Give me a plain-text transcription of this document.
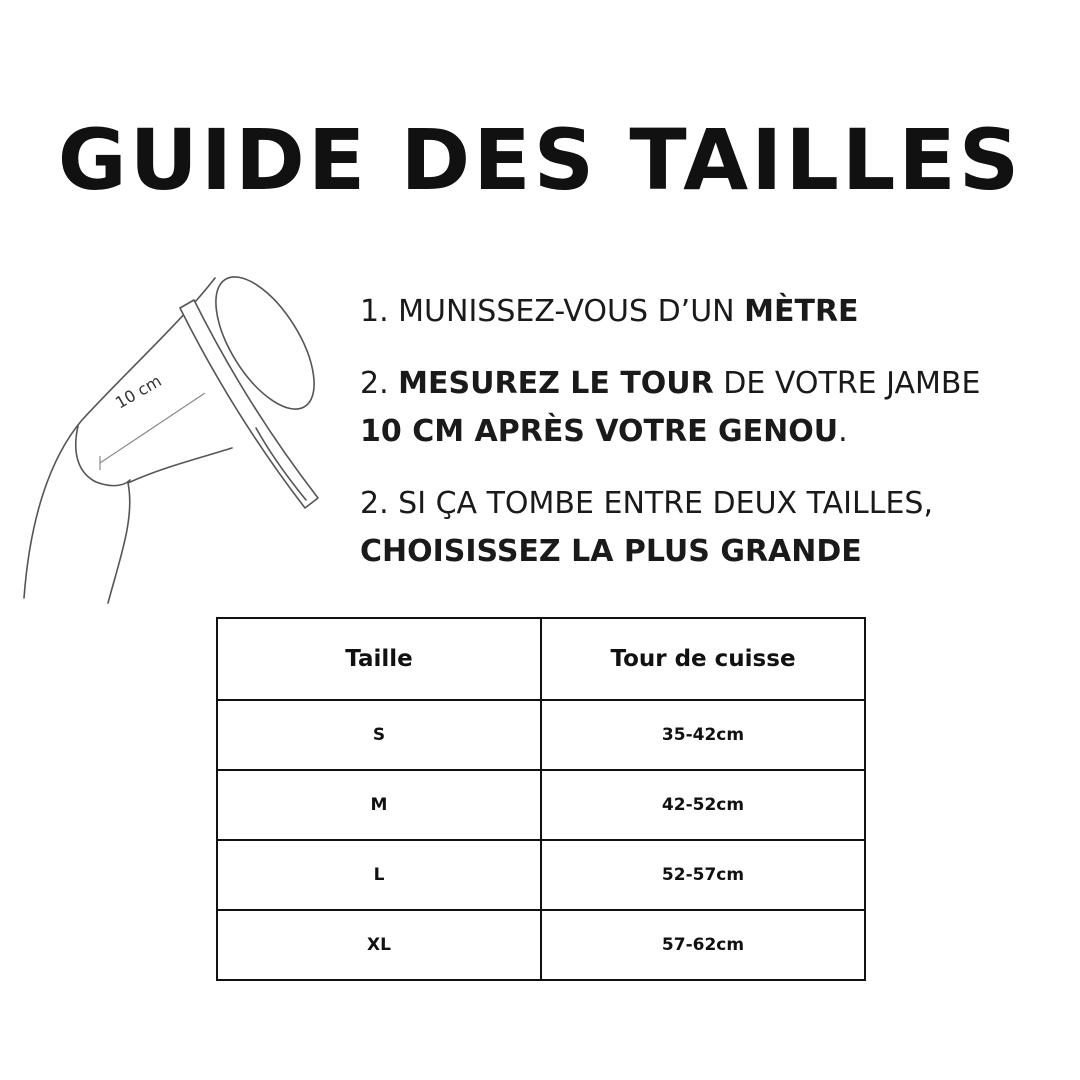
GUIDE DES TAILLES
10 cm

1. MUNISSEZ-VOUS D’UN MÈTRE

2. MESUREZ LE TOUR DE VOTRE JAMBE
10 CM APRÈS VOTRE GENOU.

2. SI ÇA TOMBE ENTRE DEUX TAILLES,
CHOISISSEZ LA PLUS GRANDE

Taille	Tour de cuisse
S	35-42cm
M	42-52cm
L	52-57cm
XL	57-62cm
